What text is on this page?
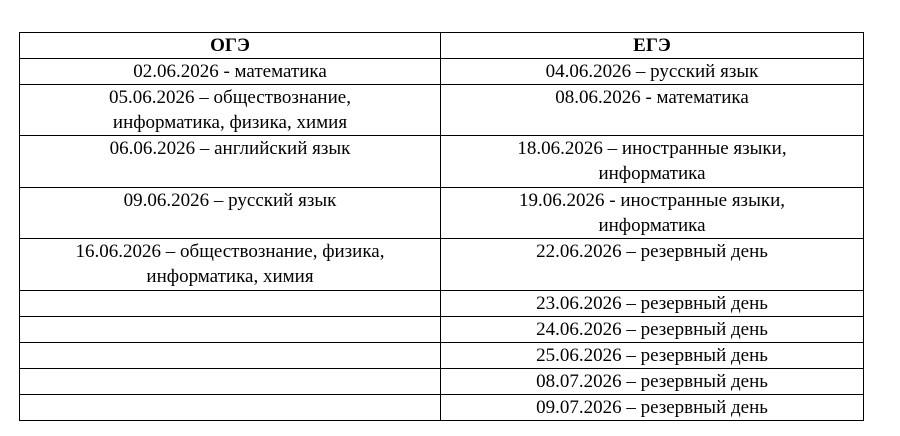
ОГЭ	ЕГЭ
02.06.2026 - математика	04.06.2026 – русский язык
05.06.2026 – обществознание,
информатика, физика, химия	08.06.2026 - математика
06.06.2026 – английский язык	18.06.2026 – иностранные языки,
информатика
09.06.2026 – русский язык	19.06.2026 - иностранные языки,
информатика
16.06.2026 – обществознание, физика,
информатика, химия	22.06.2026 – резервный день
	23.06.2026 – резервный день
	24.06.2026 – резервный день
	25.06.2026 – резервный день
	08.07.2026 – резервный день
	09.07.2026 – резервный день
